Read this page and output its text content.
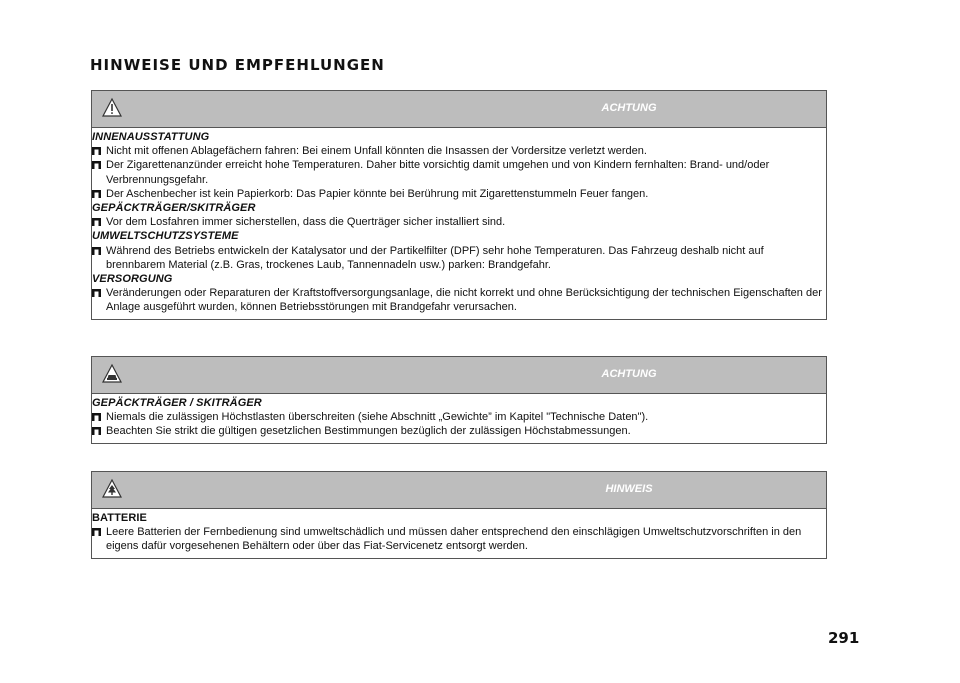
HINWEISE UND EMPFEHLUNGEN
ACHTUNG
INNENAUSSTATTUNG
Nicht mit offenen Ablagefächern fahren: Bei einem Unfall könnten die Insassen der Vordersitze verletzt werden.
Der Zigarettenanzünder erreicht hohe Temperaturen. Daher bitte vorsichtig damit umgehen und von Kindern fernhalten: Brand- und/oder Verbrennungsgefahr.
Der Aschenbecher ist kein Papierkorb: Das Papier könnte bei Berührung mit Zigarettenstummeln Feuer fangen.
GEPÄCKTRÄGER/SKITRÄGER
Vor dem Losfahren immer sicherstellen, dass die Querträger sicher installiert sind.
UMWELTSCHUTZSYSTEME
Während des Betriebs entwickeln der Katalysator und der Partikelfilter (DPF) sehr hohe Temperaturen. Das Fahrzeug deshalb nicht auf brennbarem Material (z.B. Gras, trockenes Laub, Tannennadeln usw.) parken: Brandgefahr.
VERSORGUNG
Veränderungen oder Reparaturen der Kraftstoffversorgungsanlage, die nicht korrekt und ohne Berücksichtigung der technischen Eigenschaften der Anlage ausgeführt wurden, können Betriebsstörungen mit Brandgefahr verursachen.
ACHTUNG
GEPÄCKTRÄGER / SKITRÄGER
Niemals die zulässigen Höchstlasten überschreiten (siehe Abschnitt „Gewichte” im Kapitel "Technische Daten").
Beachten Sie strikt die gültigen gesetzlichen Bestimmungen bezüglich der zulässigen Höchstabmessungen.
HINWEIS
BATTERIE
Leere Batterien der Fernbedienung sind umweltschädlich und müssen daher entsprechend den einschlägigen Umweltschutzvorschriften in den eigens dafür vorgesehenen Behältern oder über das Fiat-Servicenetz entsorgt werden.
291
